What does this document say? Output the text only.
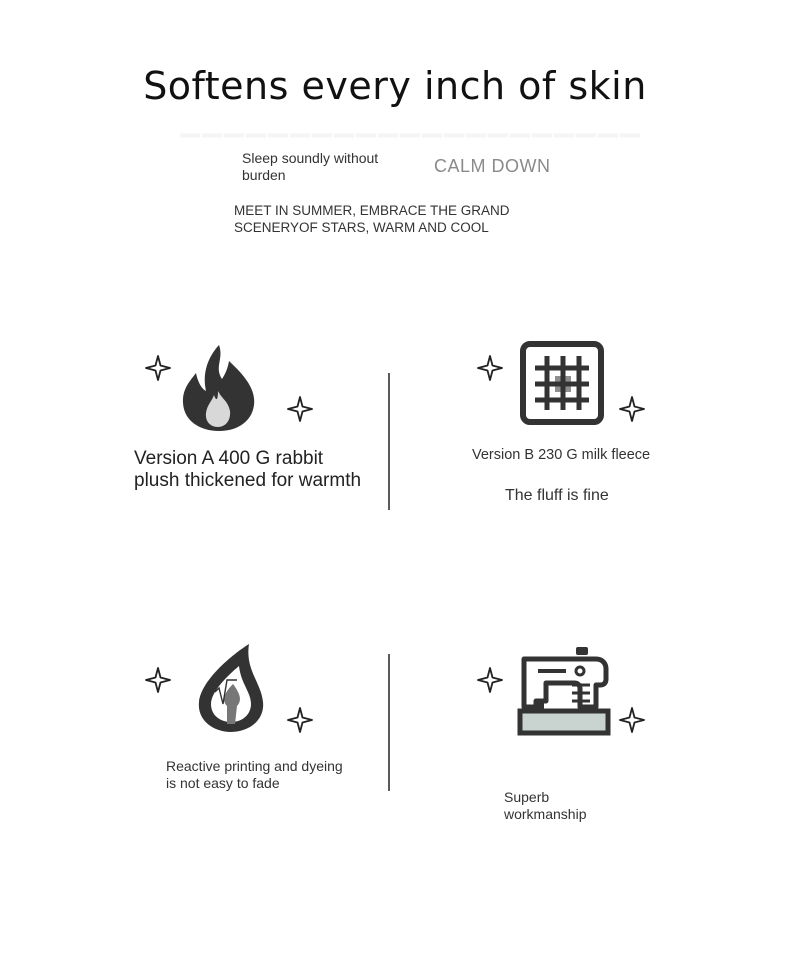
Softens every inch of skin
Sleep soundly without burden	CALM DOWN
MEET IN SUMMER, EMBRACE THE GRAND SCENERYOF STARS, WARM AND COOL
Version A 400 G rabbit plush thickened for warmth
Version B 230 G milk fleece
The fluff is fine
Reactive printing and dyeing is not easy to fade
Superb workmanship
